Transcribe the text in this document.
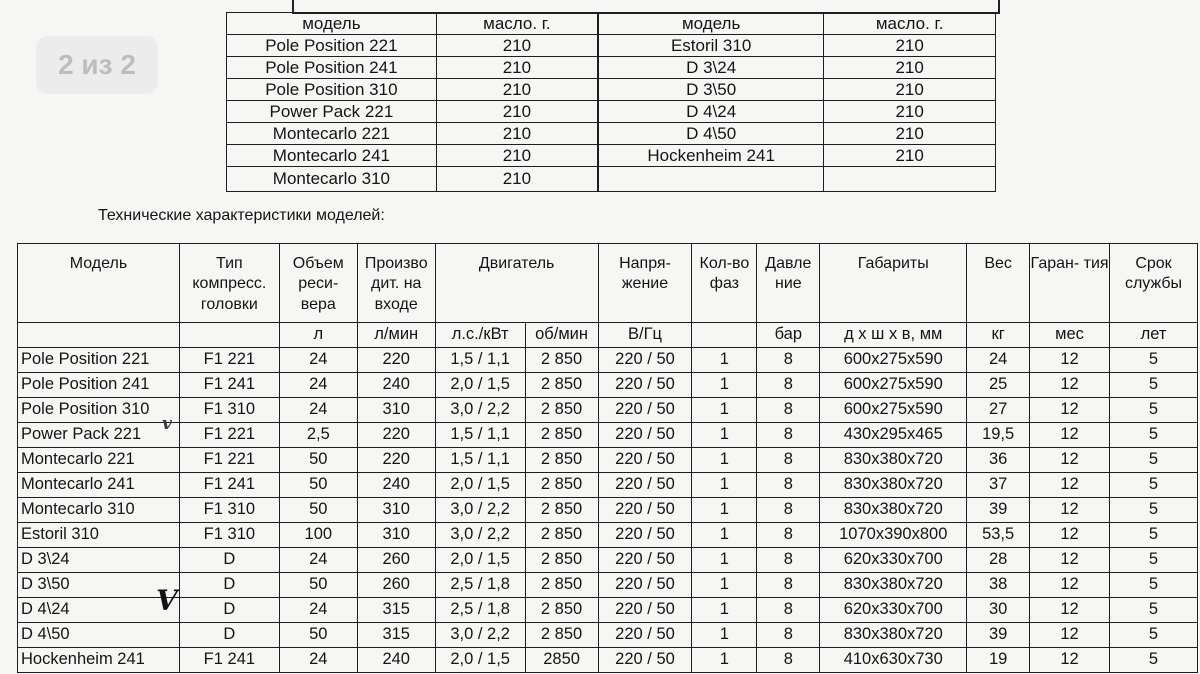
2 из 2
модель	масло. г.	модель	масло. г.
Pole Position 221	210	Estoril 310	210
Pole Position 241	210	D 3\24	210
Pole Position 310	210	D 3\50	210
Power Pack 221	210	D 4\24	210
Montecarlo 221	210	D 4\50	210
Montecarlo 241	210	Hockenheim 241	210
Montecarlo 310	210		
Технические характеристики моделей:
Модель	Тип компресс. головки	Объем реси- вера	Произво дит. на входе	Двигатель		Напря- жение	Кол-во фаз	Давле ние	Габариты	Вес	Гаран- тия	Срок службы
		л	л/мин	л.с./кВт	об/мин	В/Гц		бар	д х ш х в, мм	кг	мес	лет
Pole Position 221	F1 221	24	220	1,5 / 1,1	2 850	220 / 50	1	8	600x275x590	24	12	5
Pole Position 241	F1 241	24	240	2,0 / 1,5	2 850	220 / 50	1	8	600x275x590	25	12	5
Pole Position 310	F1 310	24	310	3,0 / 2,2	2 850	220 / 50	1	8	600x275x590	27	12	5
Power Pack 221	F1 221	2,5	220	1,5 / 1,1	2 850	220 / 50	1	8	430x295x465	19,5	12	5
Montecarlo 221	F1 221	50	220	1,5 / 1,1	2 850	220 / 50	1	8	830x380x720	36	12	5
Montecarlo 241	F1 241	50	240	2,0 / 1,5	2 850	220 / 50	1	8	830x380x720	37	12	5
Montecarlo 310	F1 310	50	310	3,0 / 2,2	2 850	220 / 50	1	8	830x380x720	39	12	5
Estoril 310	F1 310	100	310	3,0 / 2,2	2 850	220 / 50	1	8	1070x390x800	53,5	12	5
D 3\24	D	24	260	2,0 / 1,5	2 850	220 / 50	1	8	620x330x700	28	12	5
D 3\50	D	50	260	2,5 / 1,8	2 850	220 / 50	1	8	830x380x720	38	12	5
D 4\24	D	24	315	2,5 / 1,8	2 850	220 / 50	1	8	620x330x700	30	12	5
D 4\50	D	50	315	3,0 / 2,2	2 850	220 / 50	1	8	830x380x720	39	12	5
Hockenheim 241	F1 241	24	240	2,0 / 1,5	2850	220 / 50	1	8	410x630x730	19	12	5
v
V
